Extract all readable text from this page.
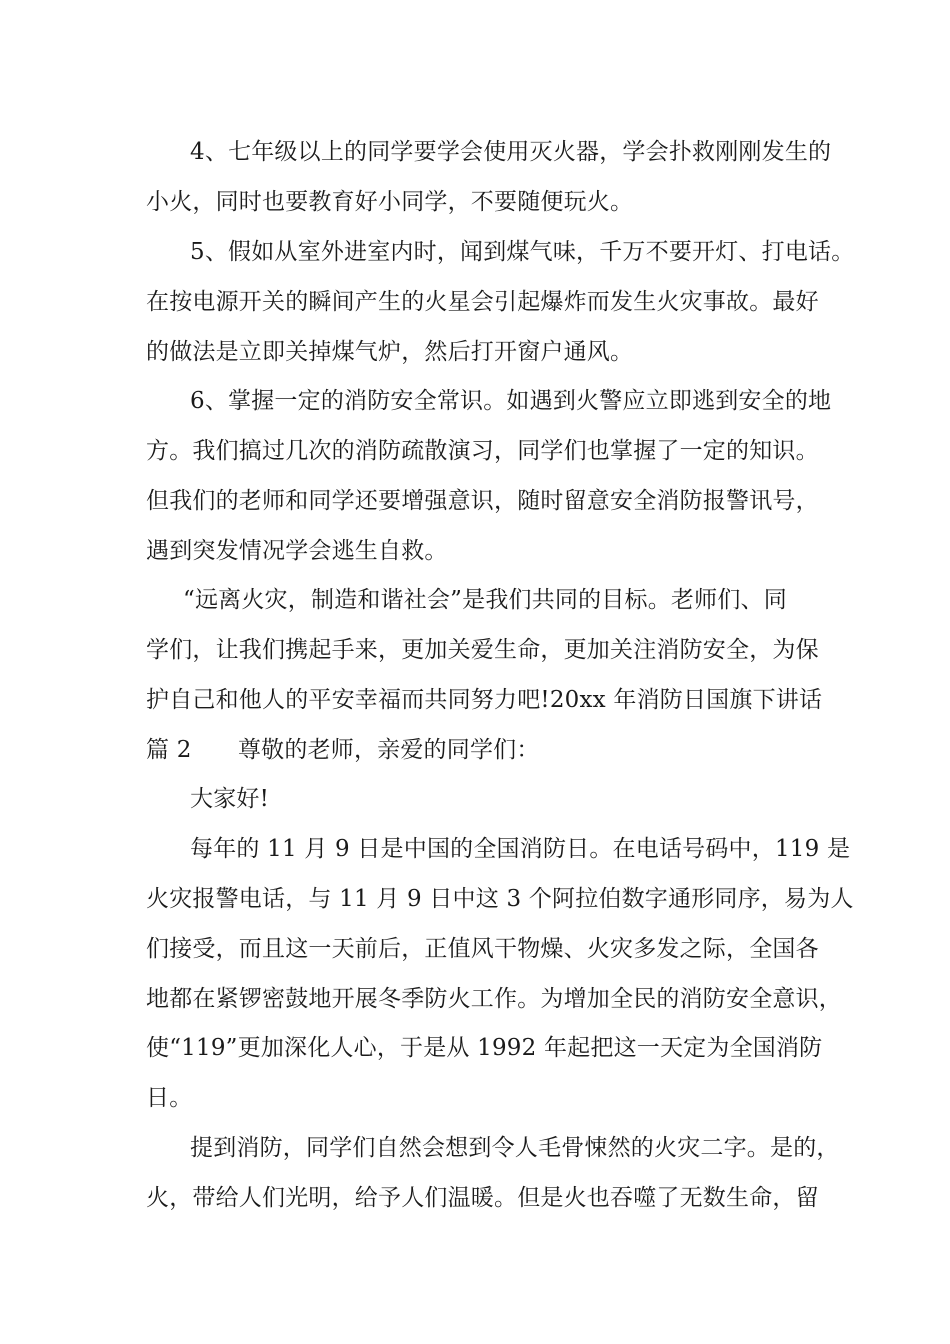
4、七年级以上的同学要学会使用灭火器，学会扑救刚刚发生的
小火，同时也要教育好小同学，不要随便玩火。
5、假如从室外进室内时，闻到煤气味，千万不要开灯、打电话。
在按电源开关的瞬间产生的火星会引起爆炸而发生火灾事故。最好
的做法是立即关掉煤气炉，然后打开窗户通风。
6、掌握一定的消防安全常识。如遇到火警应立即逃到安全的地
方。我们搞过几次的消防疏散演习，同学们也掌握了一定的知识。
但我们的老师和同学还要增强意识，随时留意安全消防报警讯号，
遇到突发情况学会逃生自救。
“远离火灾，制造和谐社会”是我们共同的目标。老师们、同
学们，让我们携起手来，更加关爱生命，更加关注消防安全，为保
护自己和他人的平安幸福而共同努力吧!20xx 年消防日国旗下讲话
篇 2　　尊敬的老师，亲爱的同学们：
大家好!
每年的 11 月 9 日是中国的全国消防日。在电话号码中，119 是
火灾报警电话，与 11 月 9 日中这 3 个阿拉伯数字通形同序，易为人
们接受，而且这一天前后，正值风干物燥、火灾多发之际，全国各
地都在紧锣密鼓地开展冬季防火工作。为增加全民的消防安全意识，
使“119”更加深化人心，于是从 1992 年起把这一天定为全国消防
日。
提到消防，同学们自然会想到令人毛骨悚然的火灾二字。是的，
火，带给人们光明，给予人们温暖。但是火也吞噬了无数生命，留
